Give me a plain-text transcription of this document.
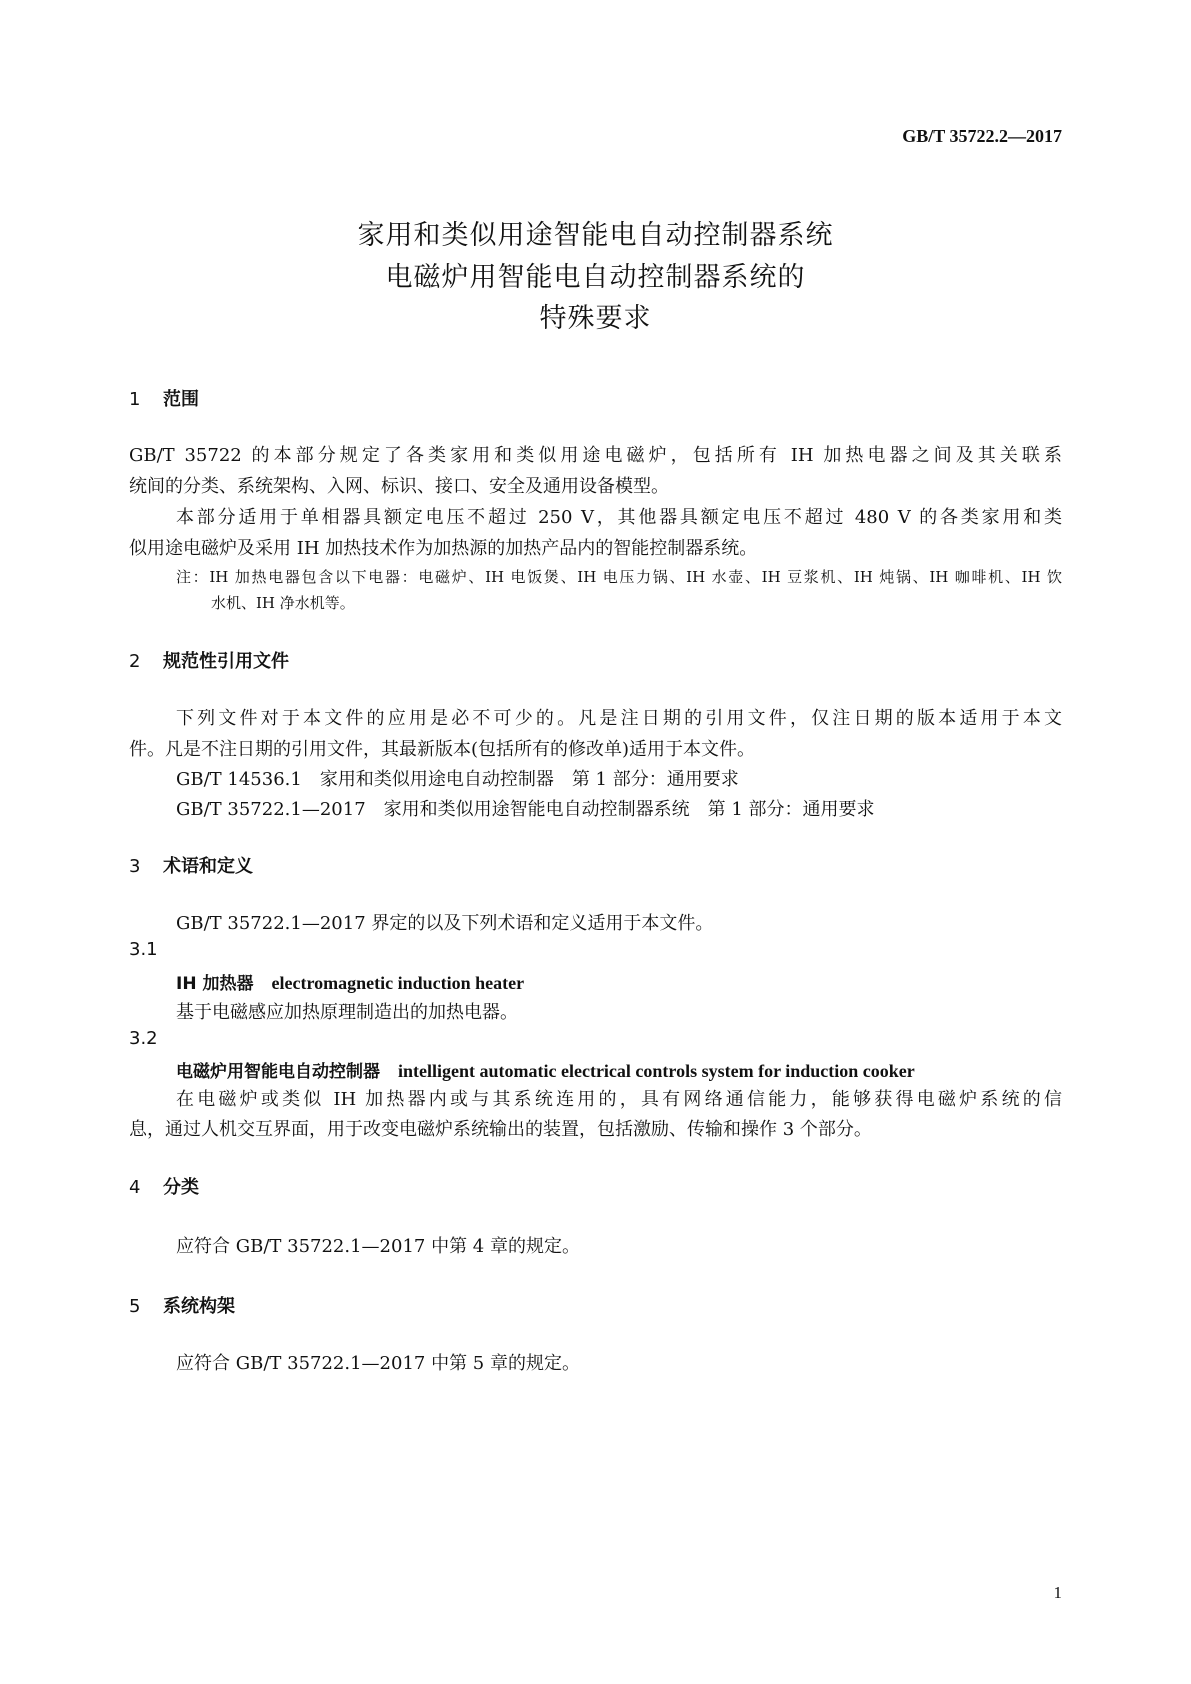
GB/T 35722.2—2017
家用和类似用途智能电自动控制器系统
电磁炉用智能电自动控制器系统的
特殊要求
1 范围
GB/T 35722 的本部分规定了各类家用和类似用途电磁炉，包括所有 IH 加热电器之间及其关联系
统间的分类、系统架构、入网、标识、接口、安全及通用设备模型。
本部分适用于单相器具额定电压不超过 250 V，其他器具额定电压不超过 480 V 的各类家用和类
似用途电磁炉及采用 IH 加热技术作为加热源的加热产品内的智能控制器系统。
注：IH 加热电器包含以下电器：电磁炉、IH 电饭煲、IH 电压力锅、IH 水壶、IH 豆浆机、IH 炖锅、IH 咖啡机、IH 饮
水机、IH 净水机等。
2 规范性引用文件
下列文件对于本文件的应用是必不可少的。凡是注日期的引用文件，仅注日期的版本适用于本文
件。凡是不注日期的引用文件，其最新版本(包括所有的修改单)适用于本文件。
GB/T 14536.1　家用和类似用途电自动控制器　第 1 部分：通用要求
GB/T 35722.1—2017　家用和类似用途智能电自动控制器系统　第 1 部分：通用要求
3 术语和定义
GB/T 35722.1—2017 界定的以及下列术语和定义适用于本文件。
3.1
IH 加热器 electromagnetic induction heater
基于电磁感应加热原理制造出的加热电器。
3.2
电磁炉用智能电自动控制器 intelligent automatic electrical controls system for induction cooker
在电磁炉或类似 IH 加热器内或与其系统连用的，具有网络通信能力，能够获得电磁炉系统的信
息，通过人机交互界面，用于改变电磁炉系统输出的装置，包括激励、传输和操作 3 个部分。
4 分类
应符合 GB/T 35722.1—2017 中第 4 章的规定。
5 系统构架
应符合 GB/T 35722.1—2017 中第 5 章的规定。
1
